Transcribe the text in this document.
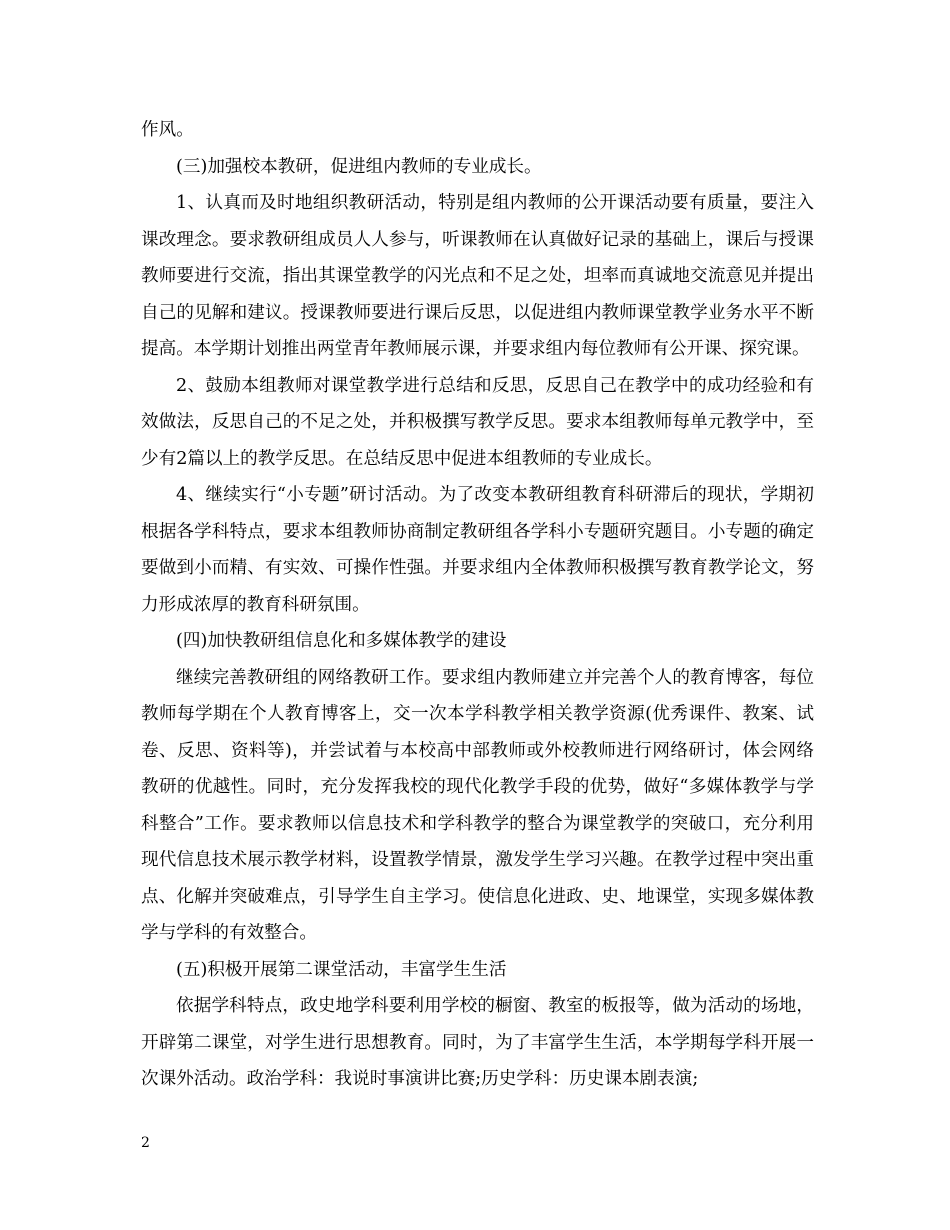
作风。

(三)加强校本教研，促进组内教师的专业成长。

1、认真而及时地组织教研活动，特别是组内教师的公开课活动要有质量，要注入课改理念。要求教研组成员人人参与，听课教师在认真做好记录的基础上，课后与授课教师要进行交流，指出其课堂教学的闪光点和不足之处，坦率而真诚地交流意见并提出自己的见解和建议。授课教师要进行课后反思，以促进组内教师课堂教学业务水平不断提高。本学期计划推出两堂青年教师展示课，并要求组内每位教师有公开课、探究课。

2、鼓励本组教师对课堂教学进行总结和反思，反思自己在教学中的成功经验和有效做法，反思自己的不足之处，并积极撰写教学反思。要求本组教师每单元教学中，至少有2篇以上的教学反思。在总结反思中促进本组教师的专业成长。

4、继续实行“小专题”研讨活动。为了改变本教研组教育科研滞后的现状，学期初根据各学科特点，要求本组教师协商制定教研组各学科小专题研究题目。小专题的确定要做到小而精、有实效、可操作性强。并要求组内全体教师积极撰写教育教学论文，努力形成浓厚的教育科研氛围。

(四)加快教研组信息化和多媒体教学的建设

继续完善教研组的网络教研工作。要求组内教师建立并完善个人的教育博客，每位教师每学期在个人教育博客上，交一次本学科教学相关教学资源(优秀课件、教案、试卷、反思、资料等)，并尝试着与本校高中部教师或外校教师进行网络研讨，体会网络教研的优越性。同时，充分发挥我校的现代化教学手段的优势，做好“多媒体教学与学科整合”工作。要求教师以信息技术和学科教学的整合为课堂教学的突破口，充分利用现代信息技术展示教学材料，设置教学情景，激发学生学习兴趣。在教学过程中突出重点、化解并突破难点，引导学生自主学习。使信息化进政、史、地课堂，实现多媒体教学与学科的有效整合。

(五)积极开展第二课堂活动，丰富学生生活

依据学科特点，政史地学科要利用学校的橱窗、教室的板报等，做为活动的场地，开辟第二课堂，对学生进行思想教育。同时，为了丰富学生生活，本学期每学科开展一次课外活动。政治学科：我说时事演讲比赛;历史学科：历史课本剧表演;

2
